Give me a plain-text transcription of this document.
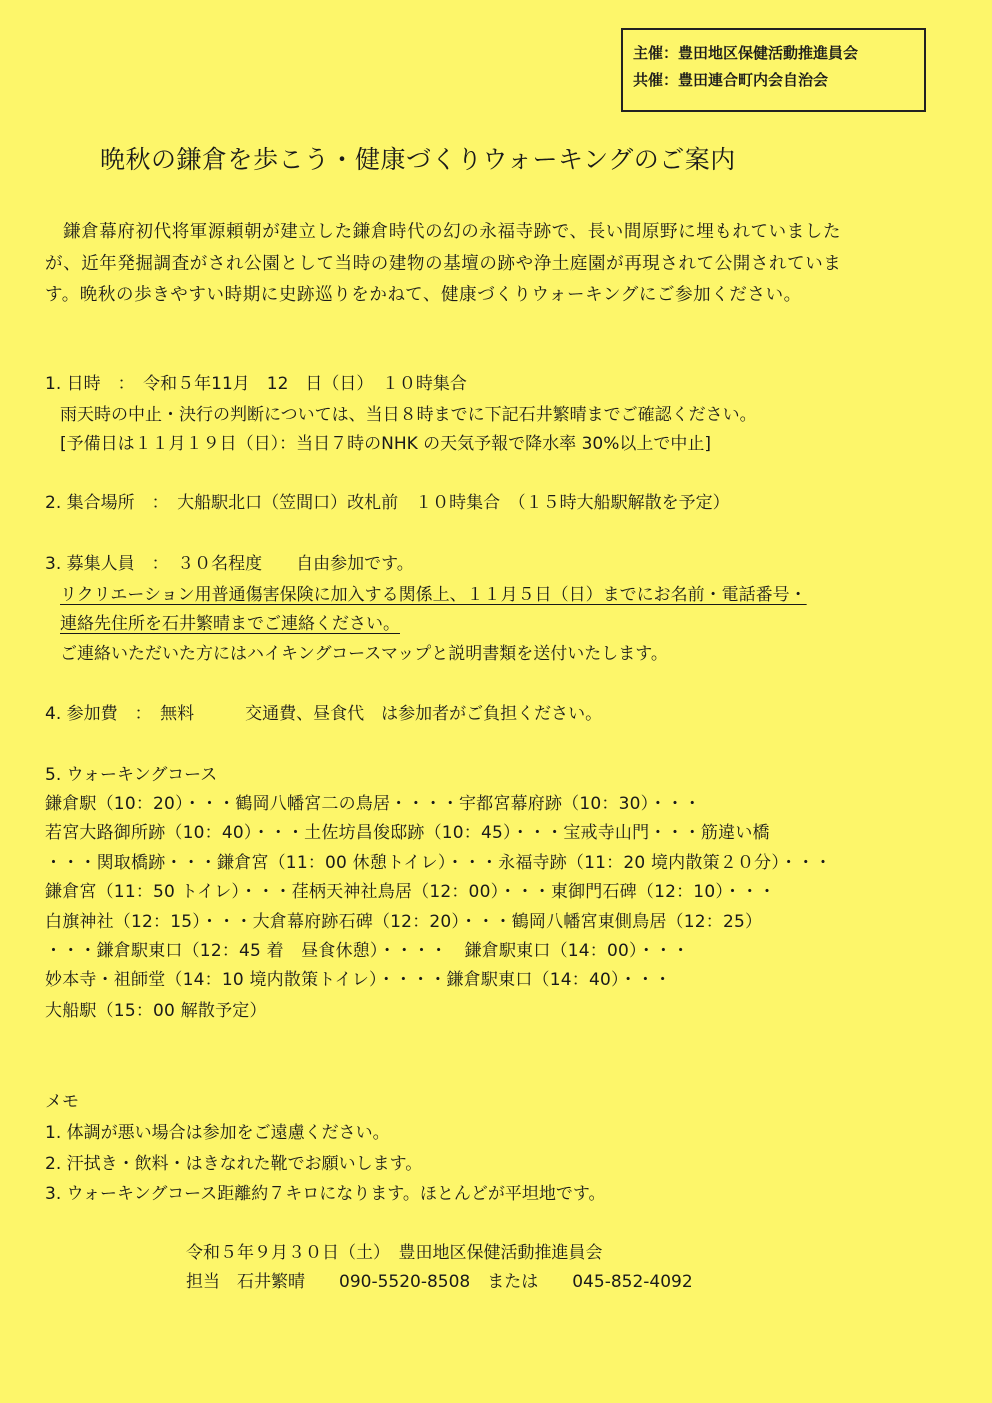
主催：豊田地区保健活動推進員会
共催：豊田連合町内会自治会
晩秋の鎌倉を歩こう・健康づくりウォーキングのご案内
　鎌倉幕府初代将軍源頼朝が建立した鎌倉時代の幻の永福寺跡で、長い間原野に埋もれていました
が、近年発掘調査がされ公園として当時の建物の基壇の跡や浄土庭園が再現されて公開されていま
す。晩秋の歩きやすい時期に史跡巡りをかねて、健康づくりウォーキングにご参加ください。
1. 日時　：　令和５年11月　12　日（日）　１０時集合
雨天時の中止・決行の判断については、当日８時までに下記石井繁晴までご確認ください。
[予備日は１１月１９日（日）：当日７時のNHK の天気予報で降水率 30%以上で中止]
2. 集合場所　：　大船駅北口（笠間口）改札前　１０時集合　（１５時大船駅解散を予定）
3. 募集人員　：　３０名程度　　自由参加です。
リクリエーション用普通傷害保険に加入する関係上、１１月５日（日）までにお名前・電話番号・
連絡先住所を石井繁晴までご連絡ください。
ご連絡いただいた方にはハイキングコースマップと説明書類を送付いたします。
4. 参加費　：　無料　　　交通費、昼食代　は参加者がご負担ください。
5. ウォーキングコース
鎌倉駅（10：20）・・・鶴岡八幡宮二の鳥居・・・・宇都宮幕府跡（10：30）・・・
若宮大路御所跡（10：40）・・・土佐坊昌俊邸跡（10：45）・・・宝戒寺山門・・・筋違い橋
・・・関取橋跡・・・鎌倉宮（11：00 休憩トイレ）・・・永福寺跡（11：20 境内散策２０分）・・・
鎌倉宮（11：50 トイレ）・・・荏柄天神社鳥居（12：00）・・・東御門石碑（12：10）・・・
白旗神社（12：15）・・・大倉幕府跡石碑（12：20）・・・鶴岡八幡宮東側鳥居（12：25）
・・・鎌倉駅東口（12：45 着　昼食休憩）・・・・　鎌倉駅東口（14：00）・・・
妙本寺・祖師堂（14：10 境内散策トイレ）・・・・鎌倉駅東口（14：40）・・・
大船駅（15：00 解散予定）
メモ
1. 体調が悪い場合は参加をご遠慮ください。
2. 汗拭き・飲料・はきなれた靴でお願いします。
3. ウォーキングコース距離約７キロになります。ほとんどが平坦地です。
令和５年９月３０日（土）　豊田地区保健活動推進員会
担当　石井繁晴　　090-5520-8508　または　　045-852-4092
